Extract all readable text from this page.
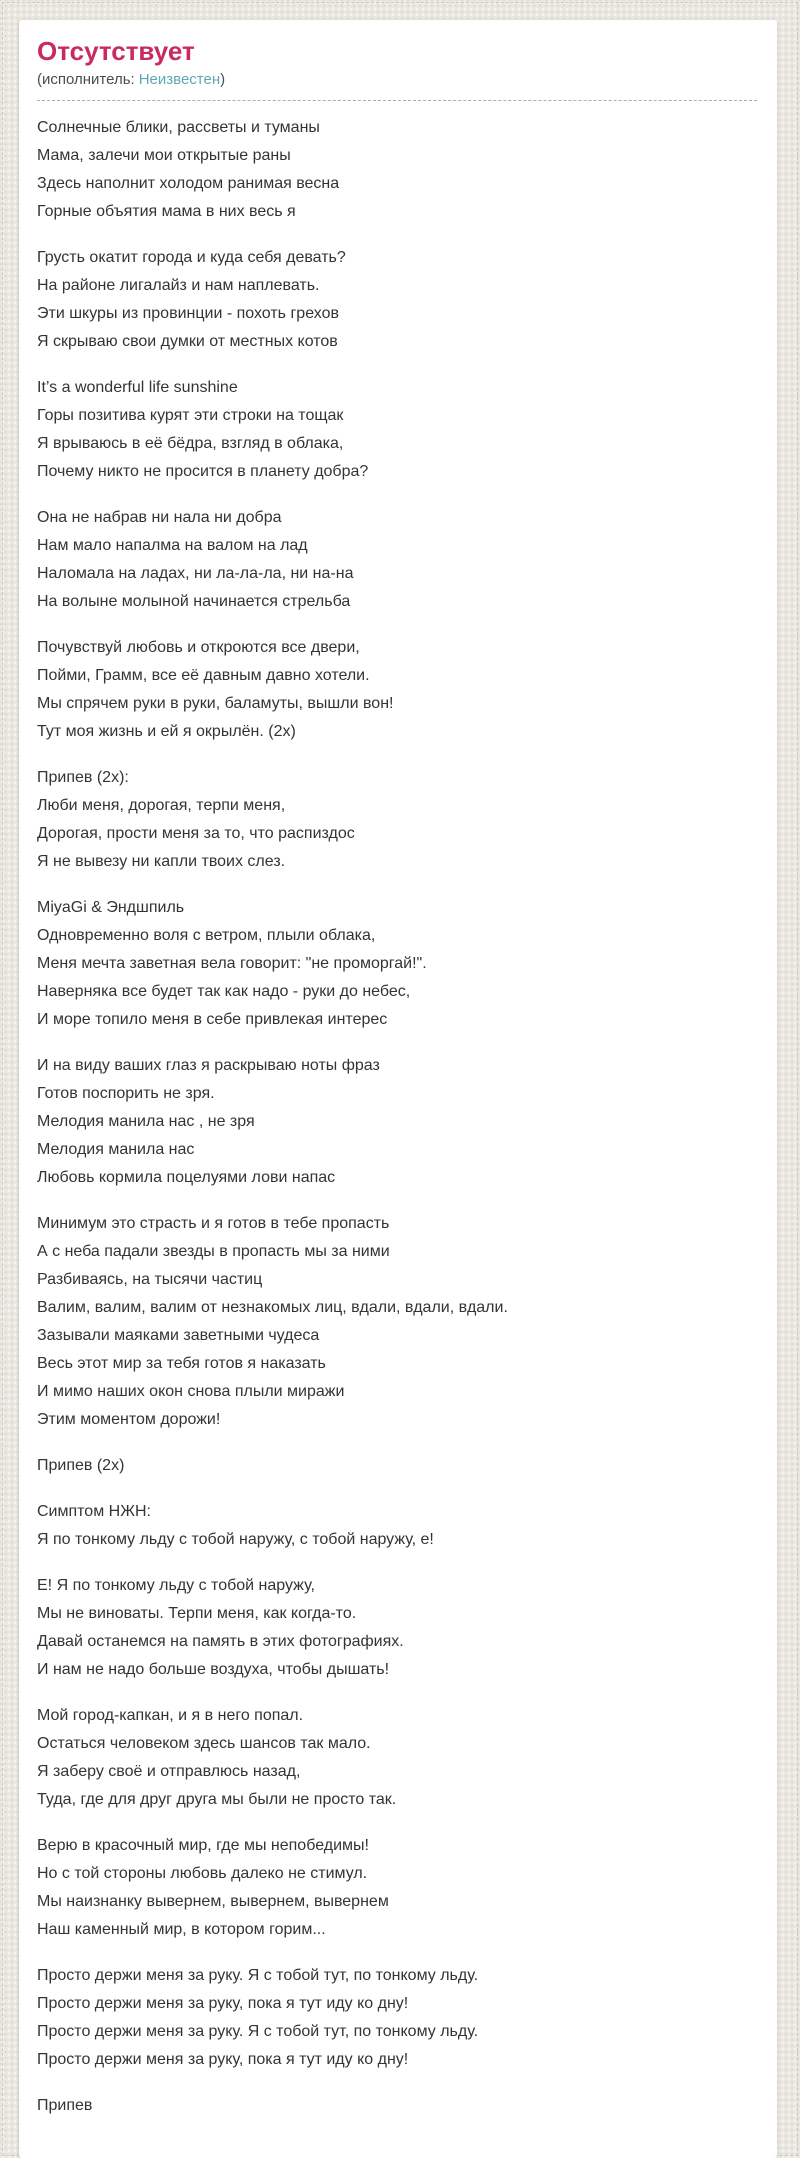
Отсутствует
(исполнитель: Неизвестен)

Солнечные блики, рассветы и туманы
Мама, залечи мои открытые раны
Здесь наполнит холодом ранимая весна
Горные объятия мама в них весь я

Грусть окатит города и куда себя девать?
На районе лигалайз и нам наплевать.
Эти шкуры из провинции - похоть грехов
Я скрываю свои думки от местных котов

It’s a wonderful life sunshine
Горы позитива курят эти строки на тощак
Я врываюсь в её бёдра, взгляд в облака,
Почему никто не просится в планету добра?

Она не набрав ни нала ни добра
Нам мало напалма на валом на лад
Наломала на ладах, ни ла-ла-ла, ни на-на
На волыне молыной начинается стрельба

Почувствуй любовь и откроются все двери,
Пойми, Грамм, все её давным давно хотели.
Мы спрячем руки в руки, баламуты, вышли вон!
Тут моя жизнь и ей я окрылён. (2x)

Припев (2x):
Люби меня, дорогая, терпи меня,
Дорогая, прости меня за то, что распиздос
Я не вывезу ни капли твоих слез.

MiyaGi & Эндшпиль
Одновременно воля с ветром, плыли облака,
Меня мечта заветная вела говорит: "не проморгай!".
Наверняка все будет так как надо - руки до небес,
И море топило меня в себе привлекая интерес

И на виду ваших глаз я раскрываю ноты фраз
Готов поспорить не зря.
Мелодия манила нас , не зря
Мелодия манила нас
Любовь кормила поцелуями лови напас

Минимум это страсть и я готов в тебе пропасть
А с неба падали звезды в пропасть мы за ними
Разбиваясь, на тысячи частиц
Валим, валим, валим от незнакомых лиц, вдали, вдали, вдали.
Зазывали маяками заветными чудеса
Весь этот мир за тебя готов я наказать
И мимо наших окон снова плыли миражи
Этим моментом дорожи!

Припев (2x)

Симптом НЖН:
Я по тонкому льду с тобой наружу, с тобой наружу, е!

Е! Я по тонкому льду с тобой наружу,
Мы не виноваты. Терпи меня, как когда-то.
Давай останемся на память в этих фотографиях.
И нам не надо больше воздуха, чтобы дышать!

Мой город-капкан, и я в него попал.
Остаться человеком здесь шансов так мало.
Я заберу своё и отправлюсь назад,
Туда, где для друг друга мы были не просто так.

Верю в красочный мир, где мы непобедимы!
Но с той стороны любовь далеко не стимул.
Мы наизнанку вывернем, вывернем, вывернем
Наш каменный мир, в котором горим...

Просто держи меня за руку. Я с тобой тут, по тонкому льду.
Просто держи меня за руку, пока я тут иду ко дну!
Просто держи меня за руку. Я с тобой тут, по тонкому льду.
Просто держи меня за руку, пока я тут иду ко дну!

Припев
